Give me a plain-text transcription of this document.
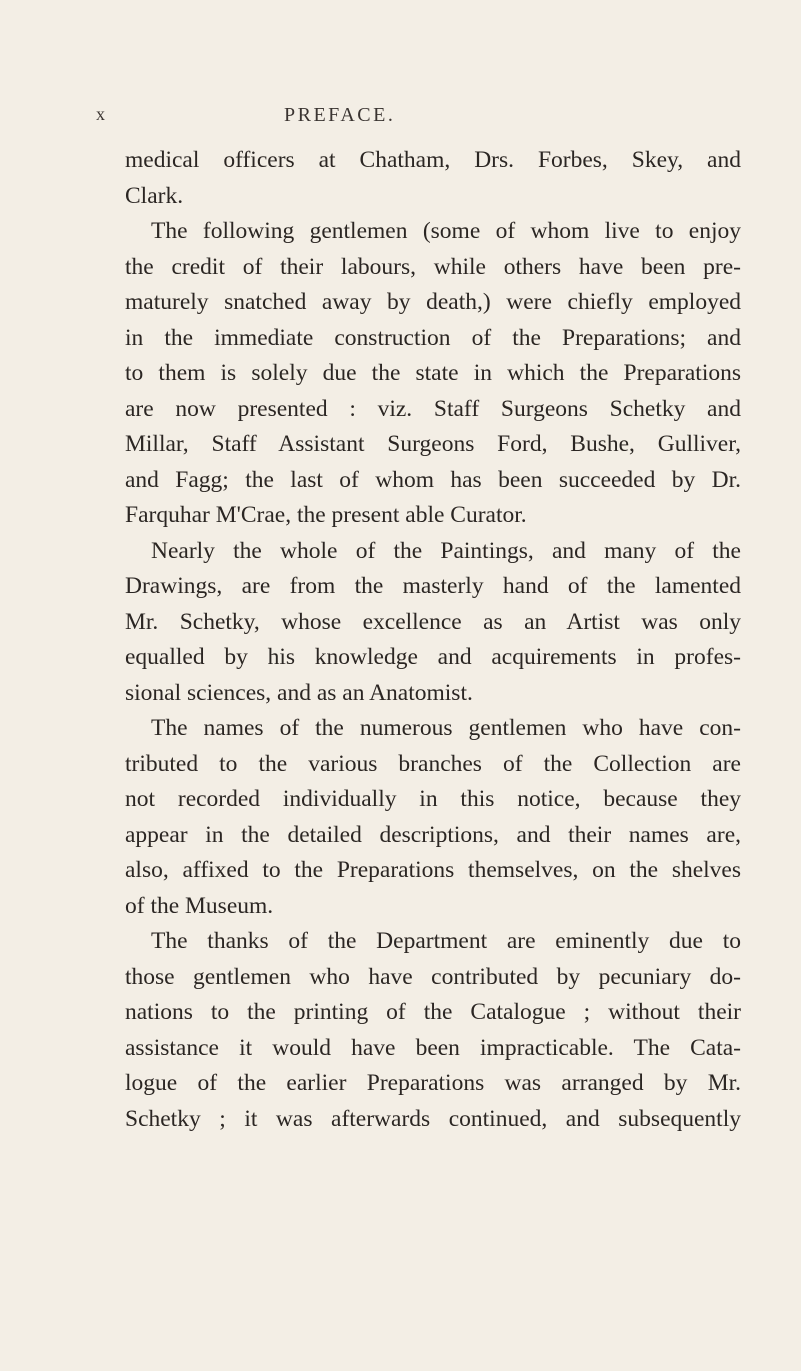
x	PREFACE.
medical officers at Chatham, Drs. Forbes, Skey, and
Clark.
The following gentlemen (some of whom live to enjoy
the credit of their labours, while others have been pre-
maturely snatched away by death,) were chiefly employed
in the immediate construction of the Preparations; and
to them is solely due the state in which the Preparations
are now presented : viz. Staff Surgeons Schetky and
Millar, Staff Assistant Surgeons Ford, Bushe, Gulliver,
and Fagg; the last of whom has been succeeded by Dr.
Farquhar M'Crae, the present able Curator.
Nearly the whole of the Paintings, and many of the
Drawings, are from the masterly hand of the lamented
Mr. Schetky, whose excellence as an Artist was only
equalled by his knowledge and acquirements in profes-
sional sciences, and as an Anatomist.
The names of the numerous gentlemen who have con-
tributed to the various branches of the Collection are
not recorded individually in this notice, because they
appear in the detailed descriptions, and their names are,
also, affixed to the Preparations themselves, on the shelves
of the Museum.
The thanks of the Department are eminently due to
those gentlemen who have contributed by pecuniary do-
nations to the printing of the Catalogue ; without their
assistance it would have been impracticable. The Cata-
logue of the earlier Preparations was arranged by Mr.
Schetky ; it was afterwards continued, and subsequently
